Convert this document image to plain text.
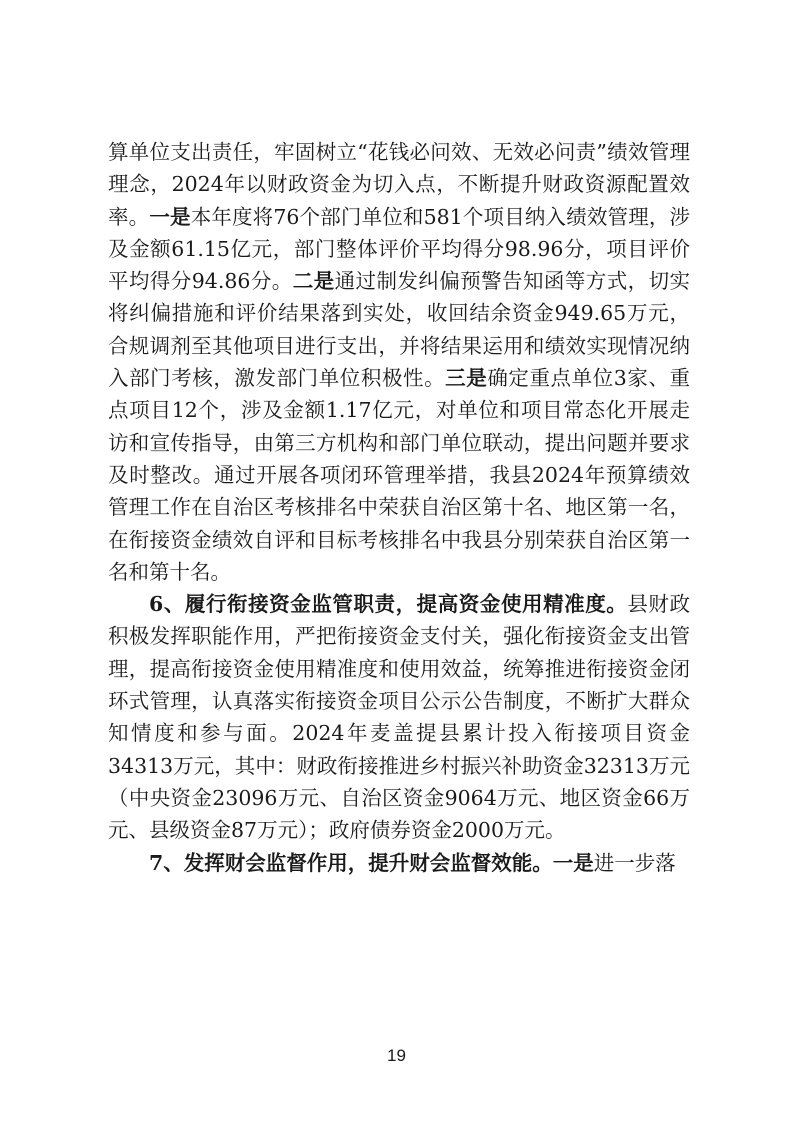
算单位支出责任，牢固树立“花钱必问效、无效必问责”绩效管理理念，2024年以财政资金为切入点，不断提升财政资源配置效率。一是本年度将76个部门单位和581个项目纳入绩效管理，涉及金额61.15亿元，部门整体评价平均得分98.96分，项目评价平均得分94.86分。二是通过制发纠偏预警告知函等方式，切实将纠偏措施和评价结果落到实处，收回结余资金949.65万元，合规调剂至其他项目进行支出，并将结果运用和绩效实现情况纳入部门考核，激发部门单位积极性。三是确定重点单位3家、重点项目12个，涉及金额1.17亿元，对单位和项目常态化开展走访和宣传指导，由第三方机构和部门单位联动，提出问题并要求及时整改。通过开展各项闭环管理举措，我县2024年预算绩效管理工作在自治区考核排名中荣获自治区第十名、地区第一名，在衔接资金绩效自评和目标考核排名中我县分别荣获自治区第一名和第十名。

6、履行衔接资金监管职责，提高资金使用精准度。县财政积极发挥职能作用，严把衔接资金支付关，强化衔接资金支出管理，提高衔接资金使用精准度和使用效益，统筹推进衔接资金闭环式管理，认真落实衔接资金项目公示公告制度，不断扩大群众知情度和参与面。2024年麦盖提县累计投入衔接项目资金34313万元，其中：财政衔接推进乡村振兴补助资金32313万元（中央资金23096万元、自治区资金9064万元、地区资金66万元、县级资金87万元）；政府债券资金2000万元。

7、发挥财会监督作用，提升财会监督效能。一是进一步落

19
